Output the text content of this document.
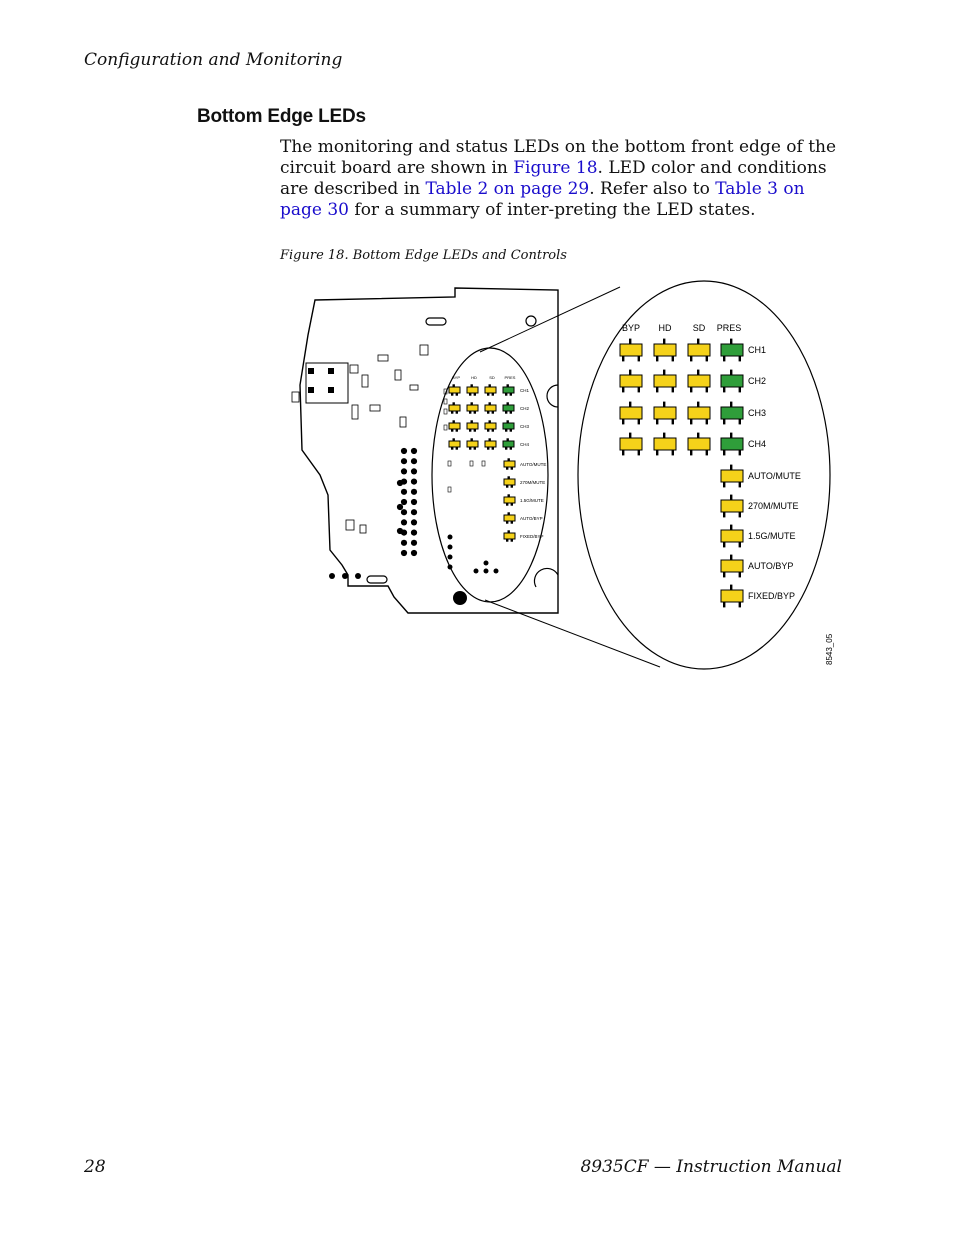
Configuration and Monitoring
Bottom Edge LEDs
The monitoring and status LEDs on the bottom front edge of the circuit board are shown in Figure 18. LED color and conditions are described in Table 2 on page 29. Refer also to Table 3 on page 30 for a summary of inter-preting the LED states.
Figure 18. Bottom Edge LEDs and Controls
BYP	HD	SD PRES
CH1
CH2
CH3
CH4
AUTO/MUTE
270M/MUTE
1.5G/MUTE
AUTO/BYP
FIXED/BYP
BYP HD SD PRES
CH1
CH2
CH3
CH4
AUTO/MUTE
270M/MUTE
1.5G/MUTE
AUTO/BYP
FIXED/BYP
8543_05
28	8935CF — Instruction Manual
